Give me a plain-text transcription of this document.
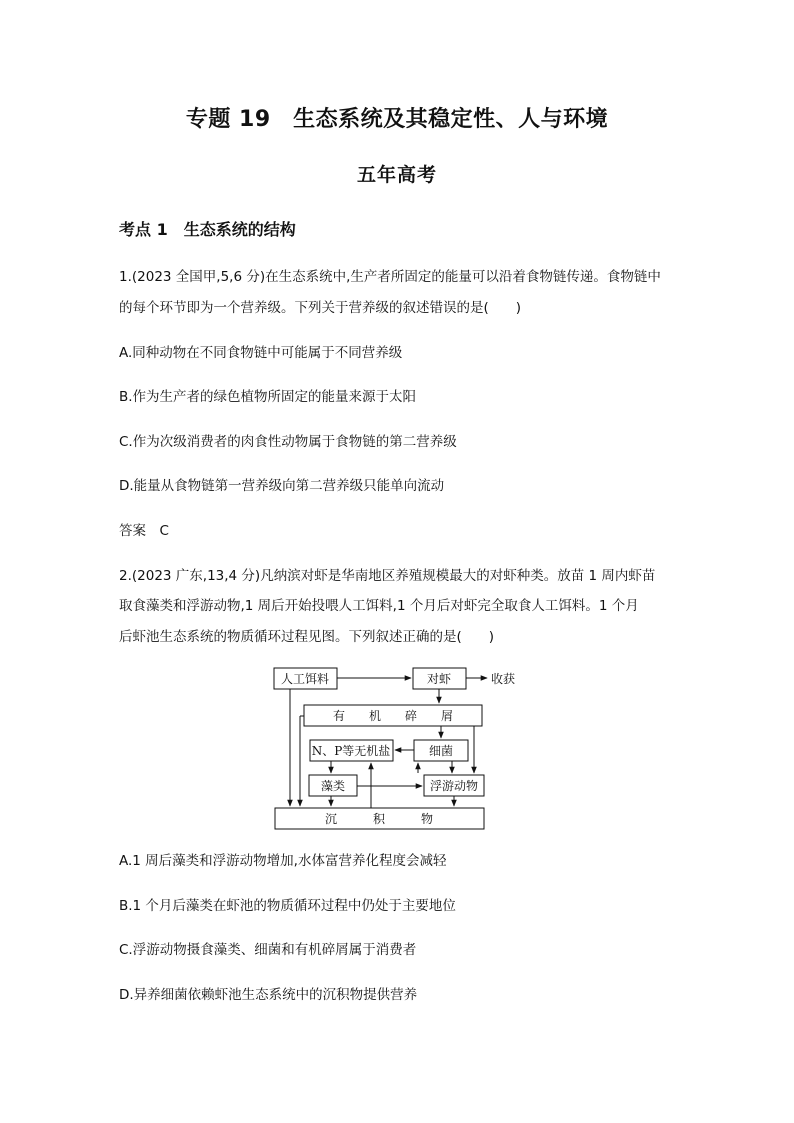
专题 19　生态系统及其稳定性、人与环境
五年高考
考点 1　生态系统的结构
1.(2023 全国甲,5,6 分)在生态系统中,生产者所固定的能量可以沿着食物链传递。食物链中
的每个环节即为一个营养级。下列关于营养级的叙述错误的是(　　)
A.同种动物在不同食物链中可能属于不同营养级
B.作为生产者的绿色植物所固定的能量来源于太阳
C.作为次级消费者的肉食性动物属于食物链的第二营养级
D.能量从食物链第一营养级向第二营养级只能单向流动
答案　C
2.(2023 广东,13,4 分)凡纳滨对虾是华南地区养殖规模最大的对虾种类。放苗 1 周内虾苗
取食藻类和浮游动物,1 周后开始投喂人工饵料,1 个月后对虾完全取食人工饵料。1 个月
后虾池生态系统的物质循环过程见图。下列叙述正确的是(　　)
人工饵料	对虾	收获
有　　机　　碎　　屑
N、P等无机盐	细菌
藻类	浮游动物
沉　　　积　　　物
A.1 周后藻类和浮游动物增加,水体富营养化程度会减轻
B.1 个月后藻类在虾池的物质循环过程中仍处于主要地位
C.浮游动物摄食藻类、细菌和有机碎屑属于消费者
D.异养细菌依赖虾池生态系统中的沉积物提供营养
